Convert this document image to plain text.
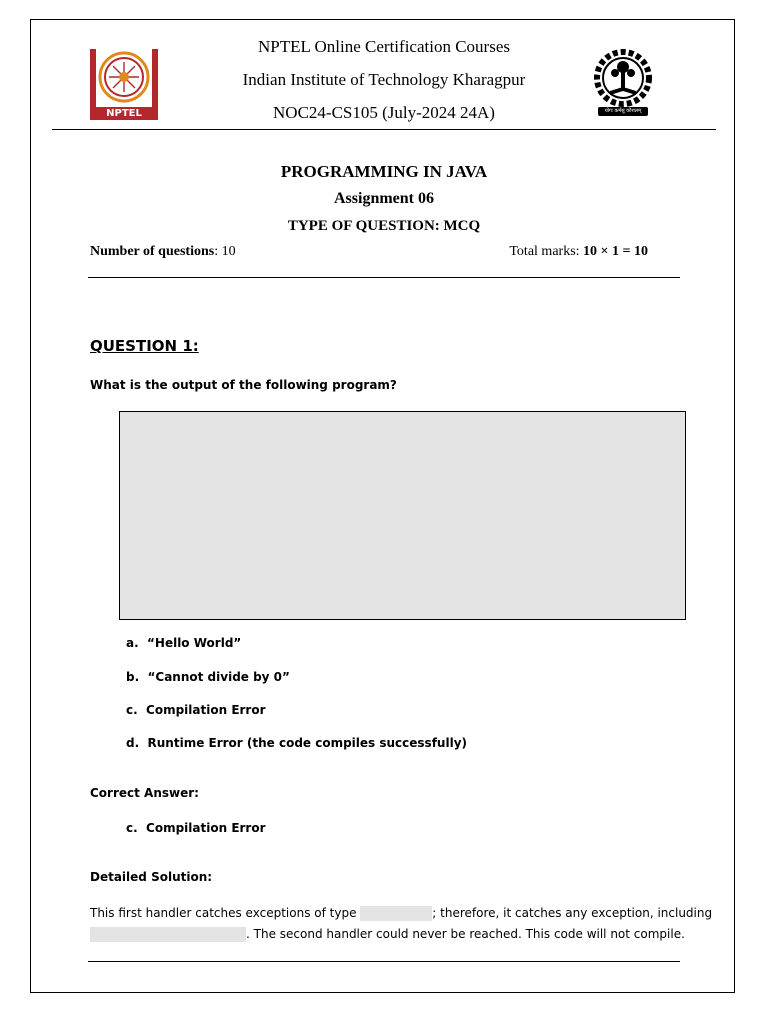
NPTEL	योगः कर्मसु कौशलम्
NPTEL Online Certification Courses
Indian Institute of Technology Kharagpur
NOC24-CS105 (July-2024 24A)
PROGRAMMING IN JAVA
Assignment 06
TYPE OF QUESTION: MCQ
Number of questions: 10	Total marks: 10 × 1 = 10
QUESTION 1:
What is the output of the following program?
a. “Hello World”
b. “Cannot divide by 0”
c. Compilation Error
d. Runtime Error (the code compiles successfully)
Correct Answer:
c. Compilation Error
Detailed Solution:
This first handler catches exceptions of type	; therefore, it catches any exception, including
. The second handler could never be reached. This code will not compile.
